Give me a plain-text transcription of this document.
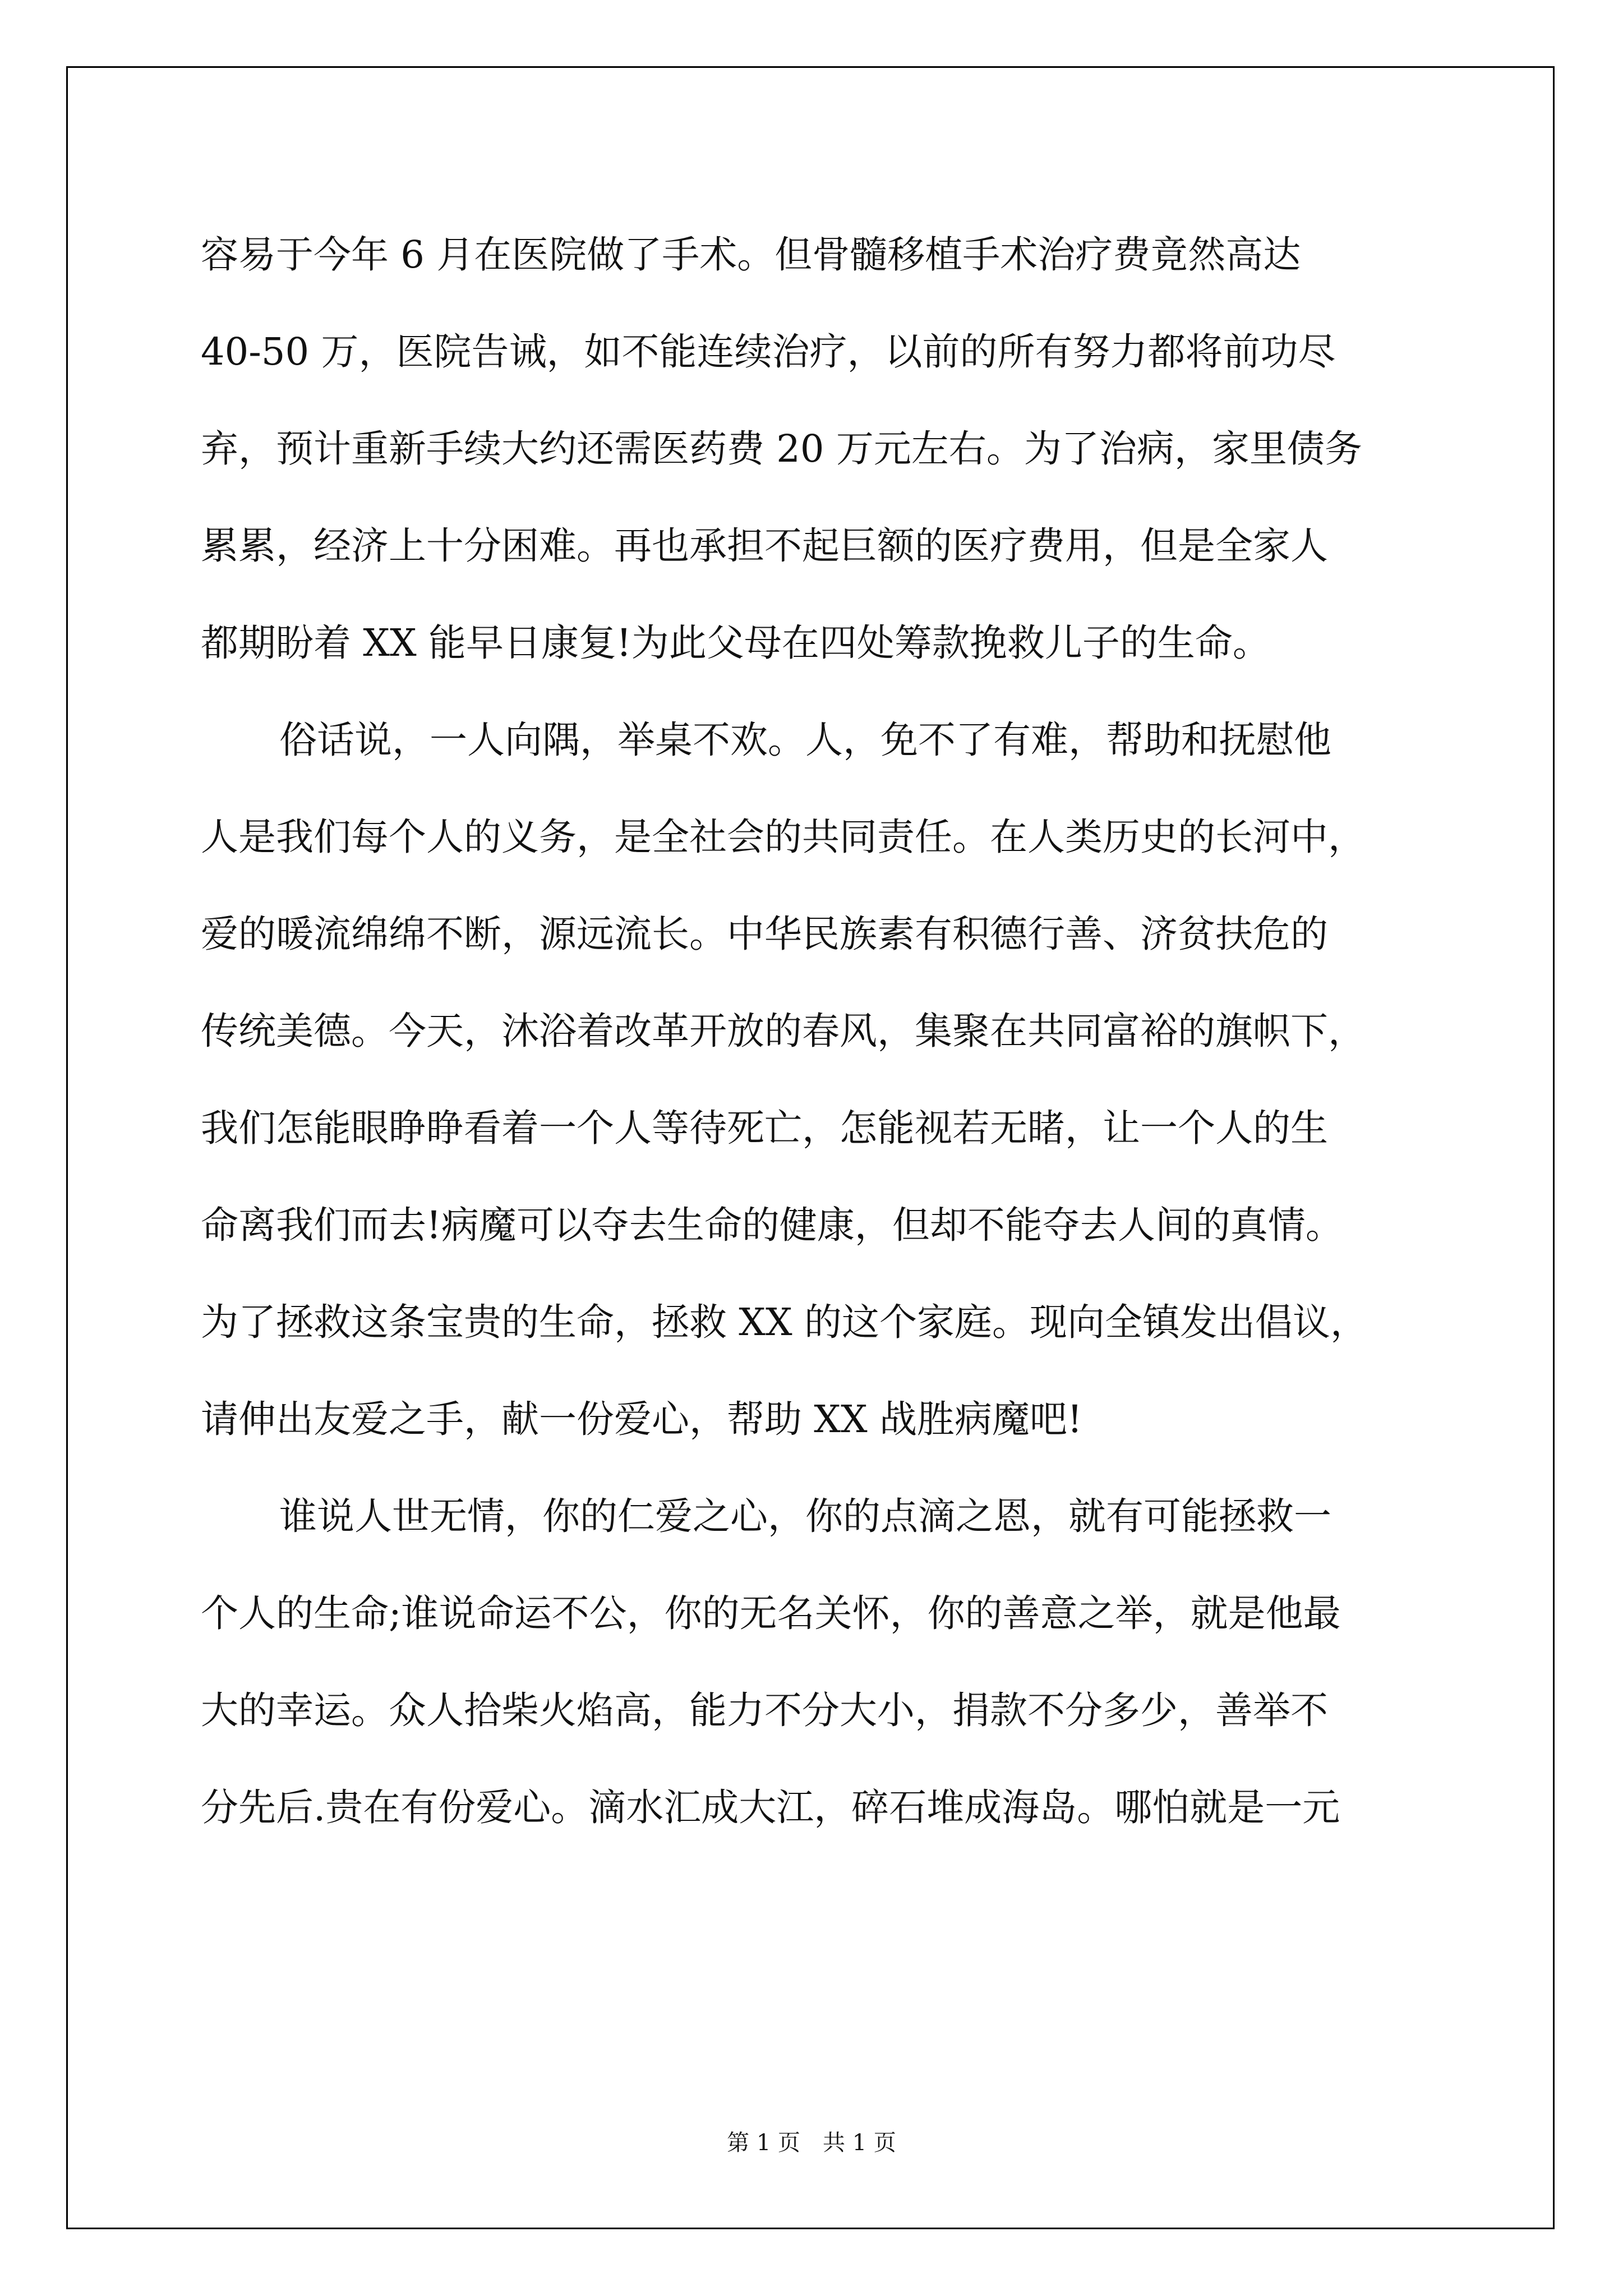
容易于今年 6 月在医院做了手术。但骨髓移植手术治疗费竟然高达
40-50 万，医院告诫，如不能连续治疗，以前的所有努力都将前功尽
弃，预计重新手续大约还需医药费 20 万元左右。为了治病，家里债务
累累，经济上十分困难。再也承担不起巨额的医疗费用，但是全家人
都期盼着 XX 能早日康复!为此父母在四处筹款挽救儿子的生命。
俗话说，一人向隅，举桌不欢。人，免不了有难，帮助和抚慰他
人是我们每个人的义务，是全社会的共同责任。在人类历史的长河中，
爱的暖流绵绵不断，源远流长。中华民族素有积德行善、济贫扶危的
传统美德。今天，沐浴着改革开放的春风，集聚在共同富裕的旗帜下，
我们怎能眼睁睁看着一个人等待死亡，怎能视若无睹，让一个人的生
命离我们而去!病魔可以夺去生命的健康，但却不能夺去人间的真情。
为了拯救这条宝贵的生命，拯救 XX 的这个家庭。现向全镇发出倡议，
请伸出友爱之手，献一份爱心，帮助 XX 战胜病魔吧!
谁说人世无情，你的仁爱之心，你的点滴之恩，就有可能拯救一
个人的生命;谁说命运不公，你的无名关怀，你的善意之举，就是他最
大的幸运。众人拾柴火焰高，能力不分大小，捐款不分多少，善举不
分先后.贵在有份爱心。滴水汇成大江，碎石堆成海岛。哪怕就是一元
第 1 页　共 1 页
